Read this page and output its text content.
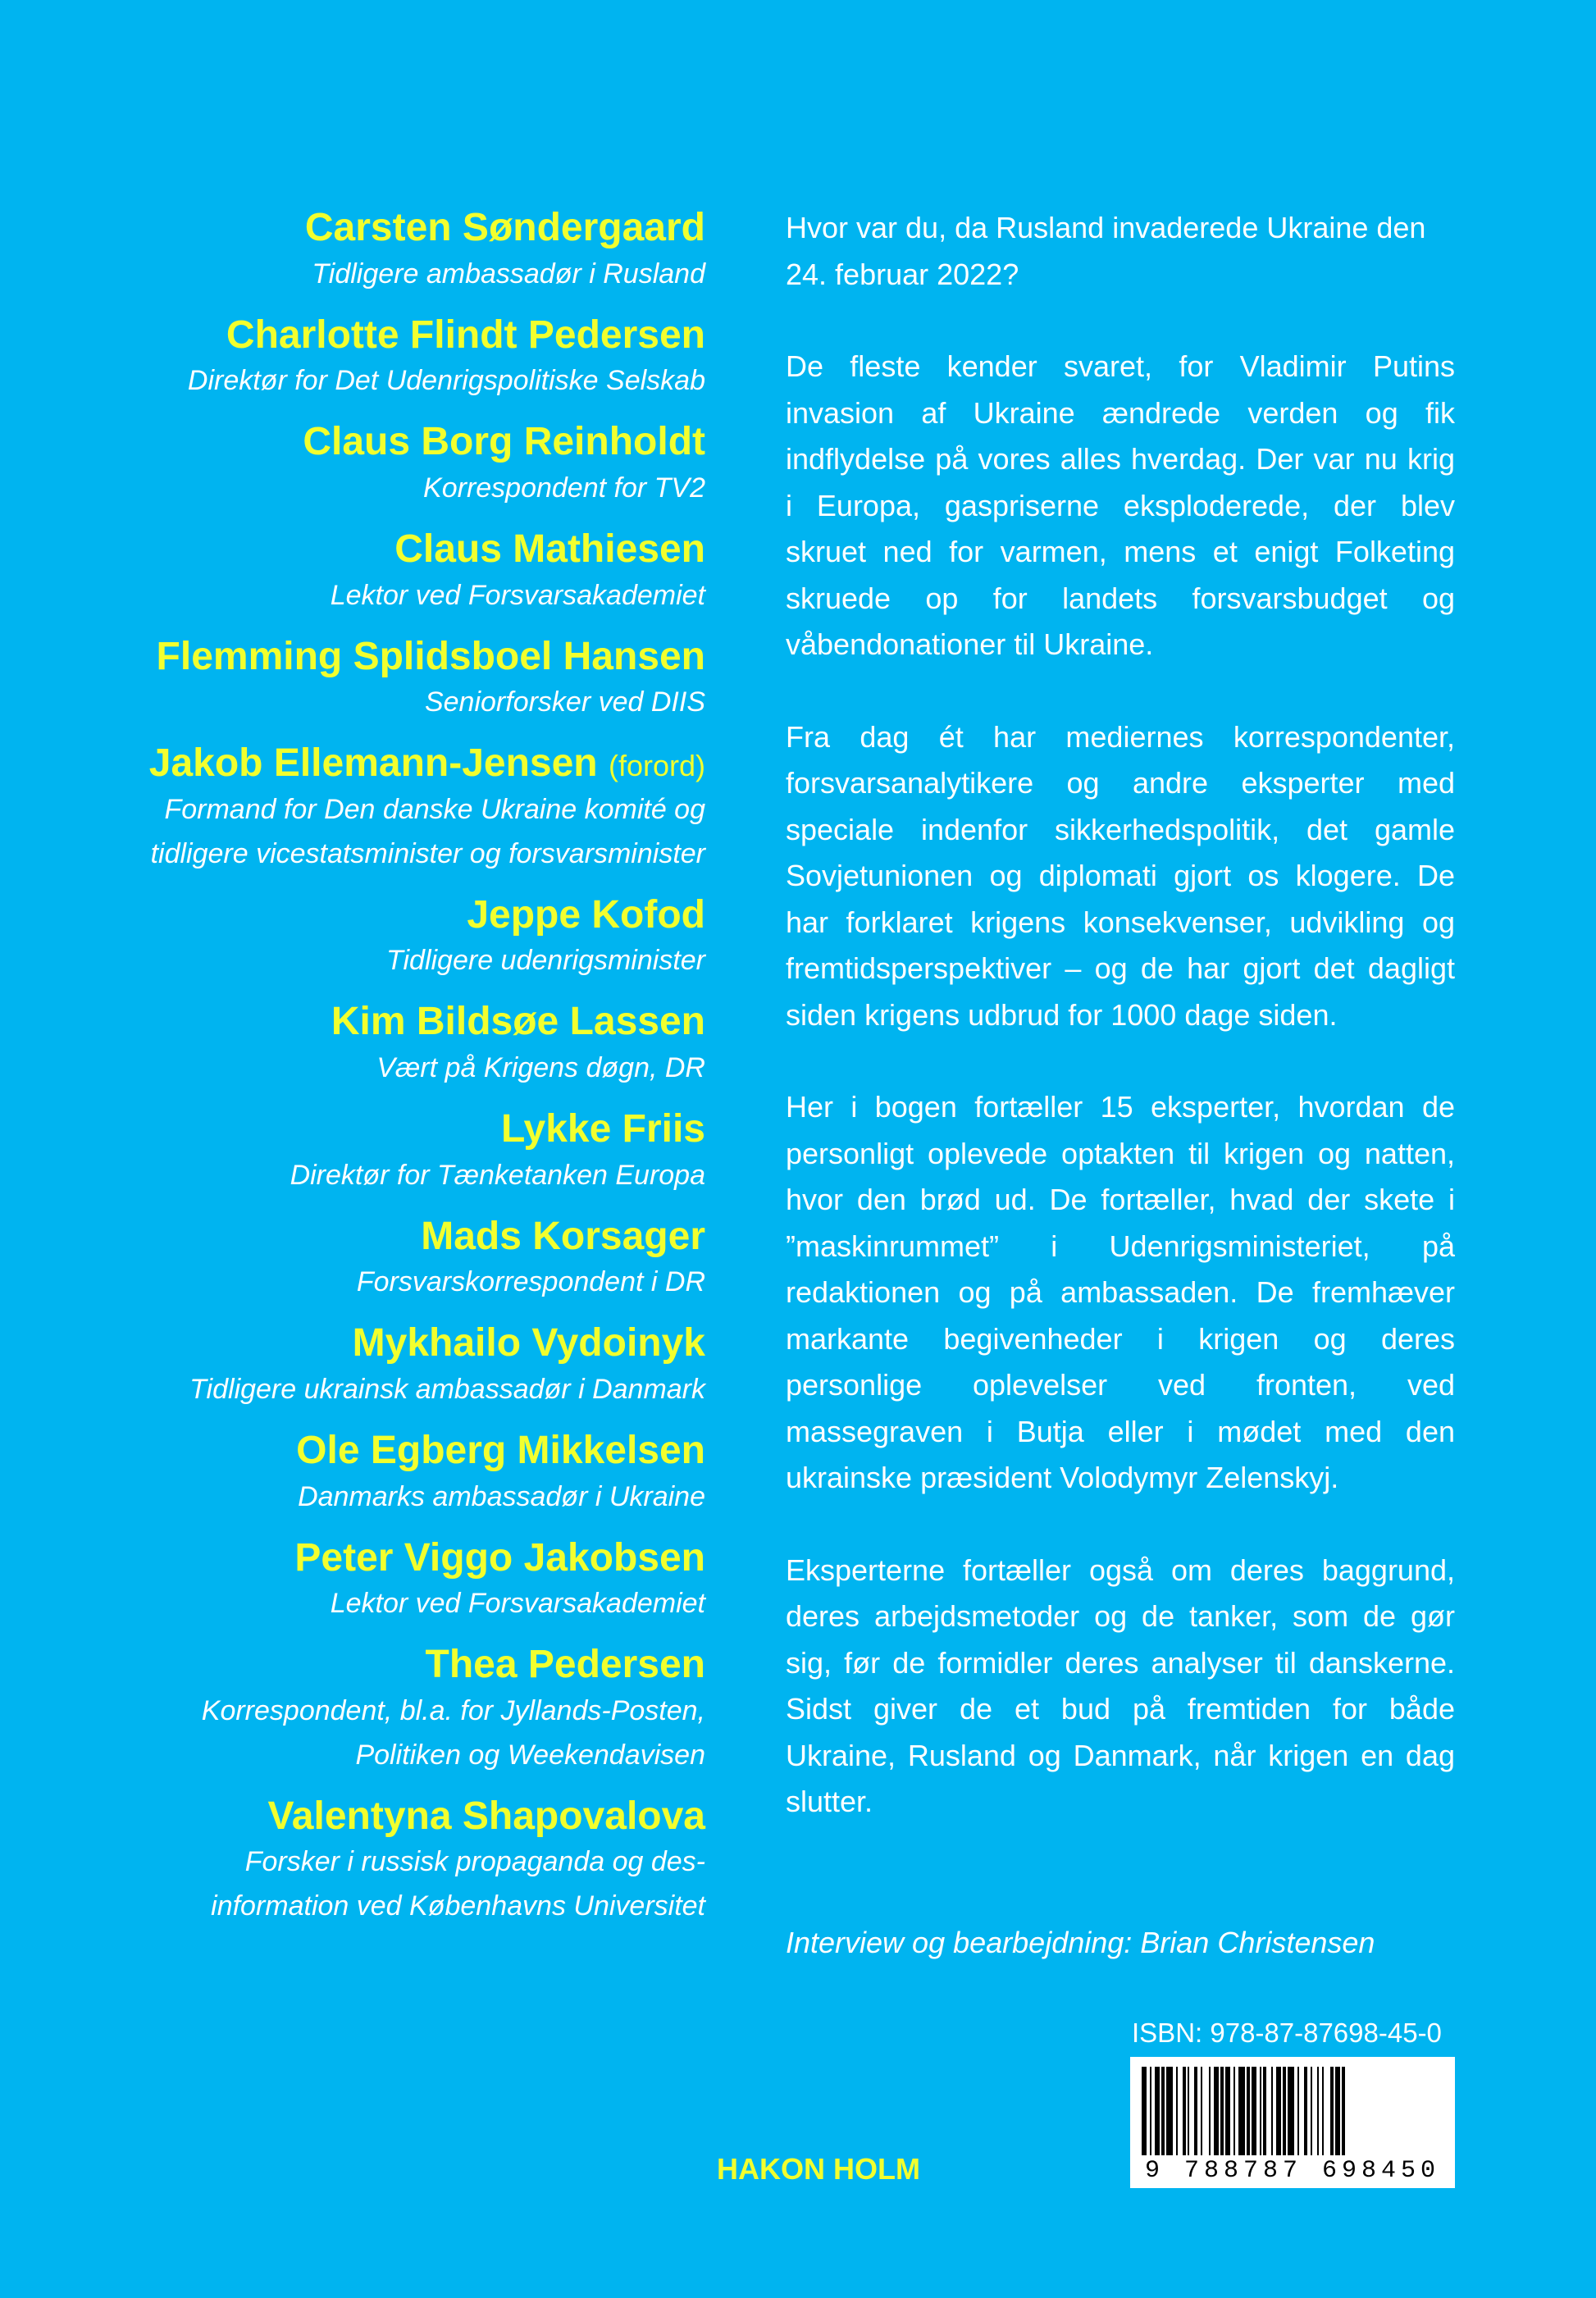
Carsten Søndergaard
Tidligere ambassadør i Rusland
Charlotte Flindt Pedersen
Direktør for Det Udenrigspolitiske Selskab
Claus Borg Reinholdt
Korrespondent for TV2
Claus Mathiesen
Lektor ved Forsvarsakademiet
Flemming Splidsboel Hansen
Seniorforsker ved DIIS
Jakob Ellemann-Jensen (forord)
Formand for Den danske Ukraine komité og
tidligere vicestatsminister og forsvarsminister
Jeppe Kofod
Tidligere udenrigsminister
Kim Bildsøe Lassen
Vært på Krigens døgn, DR
Lykke Friis
Direktør for Tænketanken Europa
Mads Korsager
Forsvarskorrespondent i DR
Mykhailo Vydoinyk
Tidligere ukrainsk ambassadør i Danmark
Ole Egberg Mikkelsen
Danmarks ambassadør i Ukraine
Peter Viggo Jakobsen
Lektor ved Forsvarsakademiet
Thea Pedersen
Korrespondent, bl.a. for Jyllands-Posten,
Politiken og Weekendavisen
Valentyna Shapovalova
Forsker i russisk propaganda og des-
information ved Københavns Universitet

Hvor var du, da Rusland invaderede Ukraine den 24. februar 2022?

De fleste kender svaret, for Vladimir Putins invasion af Ukraine ændrede verden og fik indflydelse på vores alles hverdag. Der var nu krig i Europa, gaspriserne eksploderede, der blev skruet ned for varmen, mens et enigt Folketing skruede op for landets forsvarsbudget og våbendonationer til Ukraine.

Fra dag ét har mediernes korrespondenter, forsvarsanalytikere og andre eksperter med speciale indenfor sikkerhedspolitik, det gamle Sovjetunionen og diplomati gjort os klogere. De har forklaret krigens konsekvenser, udvikling og fremtidsperspektiver – og de har gjort det dagligt siden krigens udbrud for 1000 dage siden.

Her i bogen fortæller 15 eksperter, hvordan de personligt oplevede optakten til krigen og natten, hvor den brød ud. De fortæller, hvad der skete i ”maskinrummet” i Udenrigsministeriet, på redaktionen og på ambassaden. De fremhæver markante begivenheder i krigen og deres personlige oplevelser ved fronten, ved massegraven i Butja eller i mødet med den ukrainske præsident Volodymyr Zelenskyj.

Eksperterne fortæller også om deres baggrund, deres arbejdsmetoder og de tanker, som de gør sig, før de formidler deres analyser til danskerne. Sidst giver de et bud på fremtiden for både Ukraine, Rusland og Danmark, når krigen en dag slutter.

Interview og bearbejdning: Brian Christensen
ISBN: 978-87-87698-45-0
9 788787 698450
HAKON HOLM
